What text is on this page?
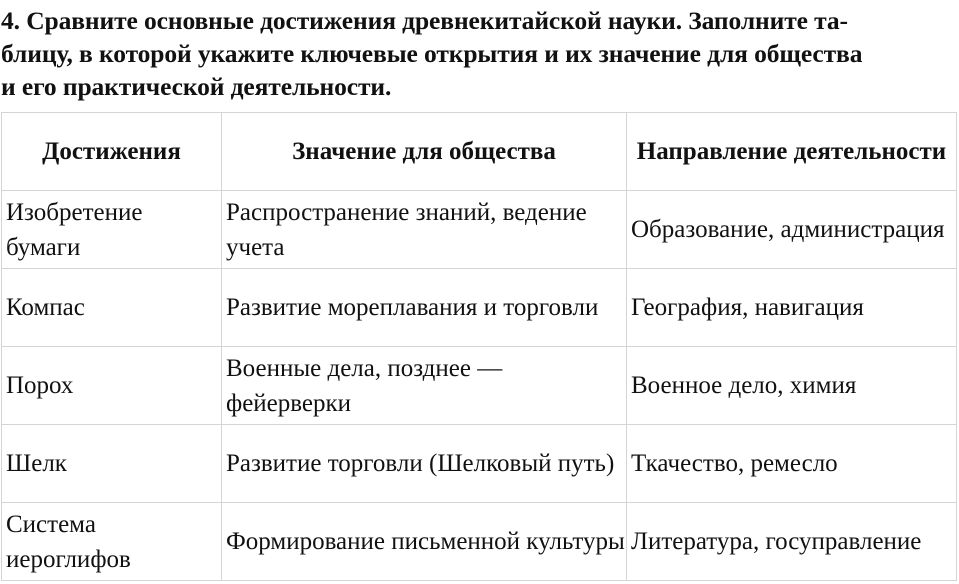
4. Сравните основные достижения древнекитайской науки. Заполните та-
блицу, в которой укажите ключевые открытия и их значение для общества
и его практической деятельности.
Достижения	Значение для общества	Направление деятельности
Изобретение бумаги	Распространение знаний, ведение учета	Образование, администрация
Компас	Развитие мореплавания и торговли	География, навигация
Порох	Военные дела, позднее — фейерверки	Военное дело, химия
Шелк	Развитие торговли (Шелковый путь)	Ткачество, ремесло
Система иероглифов	Формирование письменной культуры	Литература, госуправление
